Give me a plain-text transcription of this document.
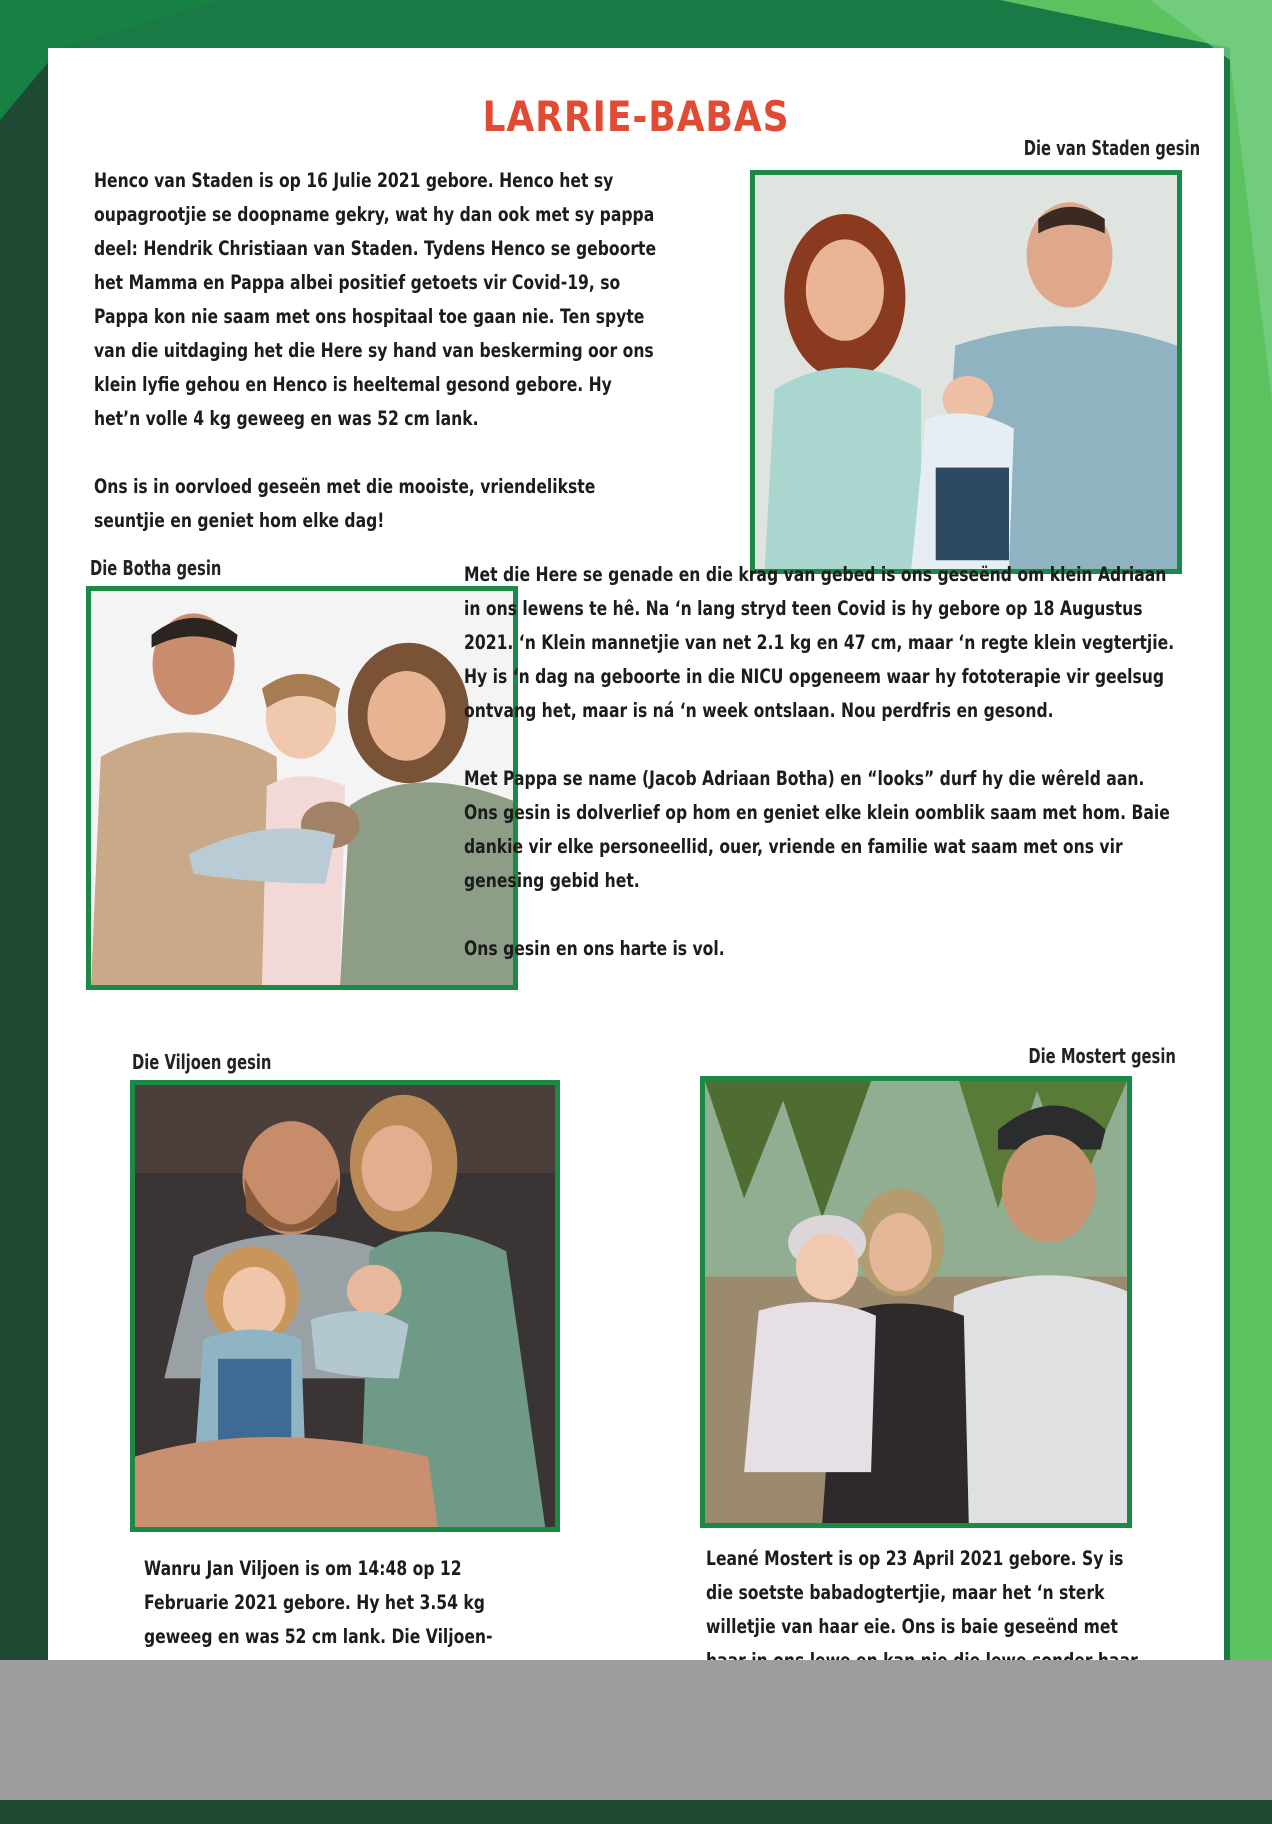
LARRIE-BABAS
Die van Staden gesin

Henco van Staden is op 16 Julie 2021 gebore. Henco het sy oupagrootjie se doopname gekry, wat hy dan ook met sy pappa deel: Hendrik Christiaan van Staden. Tydens Henco se geboorte het Mamma en Pappa albei positief getoets vir Covid-19, so Pappa kon nie saam met ons hospitaal toe gaan nie. Ten spyte van die uitdaging het die Here sy hand van beskerming oor ons klein lyfie gehou en Henco is heeltemal gesond gebore. Hy het’n volle 4 kg geweeg en was 52 cm lank.

Ons is in oorvloed geseën met die mooiste, vriendelikste seuntjie en geniet hom elke dag!

Die Botha gesin	Met die Here se genade en die krag van gebed is ons geseënd om klein Adriaan in ons lewens te hê. Na ‘n lang stryd teen Covid is hy gebore op 18 Augustus 2021. ‘n Klein mannetjie van net 2.1 kg en 47 cm, maar ‘n regte klein vegtertjie. Hy is ‘n dag na geboorte in die NICU opgeneem waar hy fototerapie vir geelsug ontvang het, maar is ná ‘n week ontslaan. Nou perdfris en gesond.

Met Pappa se name (Jacob Adriaan Botha) en “looks” durf hy die wêreld aan. Ons gesin is dolverlief op hom en geniet elke klein oomblik saam met hom. Baie dankie vir elke personeellid, ouer, vriende en familie wat saam met ons vir genesing gebid het.

Ons gesin en ons harte is vol.

Die Viljoen gesin

Wanru Jan Viljoen is om 14:48 op 12 Februarie 2021 gebore. Hy het 3.54 kg geweeg en was 52 cm lank. Die Viljoen-

Die Mostert gesin

Leané Mostert is op 23 April 2021 gebore. Sy is die soetste babadogtertjie, maar het ‘n sterk willetjie van haar eie. Ons is baie geseënd met
